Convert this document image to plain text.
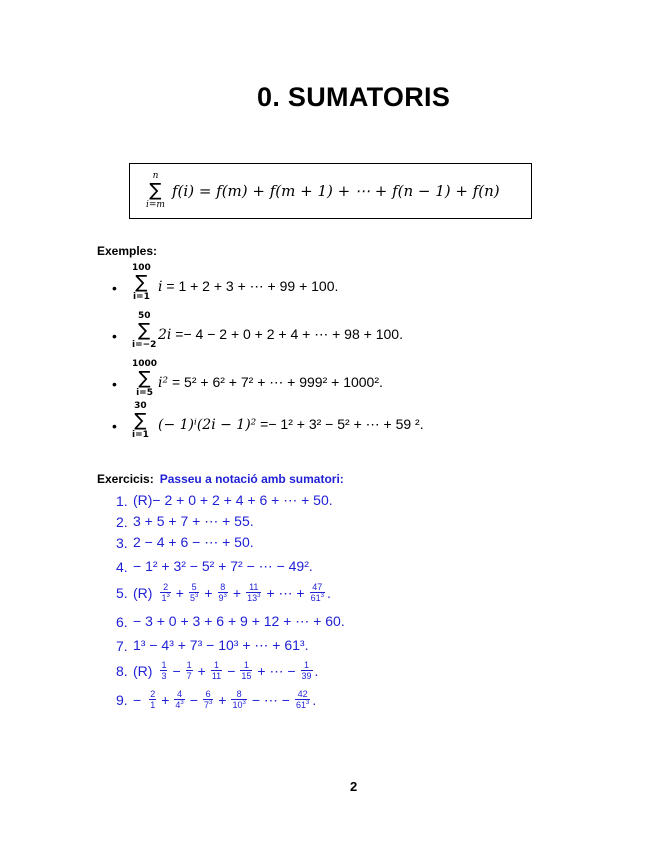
0. SUMATORIS
n
∑
i=m
f(i) = f(m) + f(m + 1) + ⋯ + f(n − 1) + f(n)
Exemples:
•
100
∑
i=1
i = 1 + 2 + 3 + ⋯ + 99 + 100.
•
50
∑
i=−2
2i =− 4 − 2 + 0 + 2 + 4 + ⋯ + 98 + 100.
•
1000
∑
i=5
i² = 5² + 6² + 7² + ⋯ + 999² + 1000².
•
30
∑
i=1
(− 1)ⁱ(2i − 1)² =− 1² + 3² − 5² + ⋯ + 59 ².
Exercicis: Passeu a notació amb sumatori:
1. (R)− 2 + 0 + 2 + 4 + 6 + ⋯ + 50.
2. 3 + 5 + 7 + ⋯ + 55.
3. 2 − 4 + 6 − ⋯ + 50.
4. − 1² + 3² − 5² + 7² − ⋯ − 49².
5. $(R) \frac{2}{1^3} + \frac{5}{5^3} + \frac{8}{9^3} + \frac{11}{13^3}$ + ⋯ + $\frac{47}{61^3}$ .
6. − 3 + 0 + 3 + 6 + 9 + 12 + ⋯ + 60.
7. 1³ − 4³ + 7³ − 10³ + ⋯ + 61³.
8. $(R) \frac{1}{3} - \frac{1}{7} + \frac{1}{11} - \frac{1}{15}$ + ⋯ − $\frac{1}{39}$ .
9. − $\frac{2}{1} + \frac{4}{4^3} - \frac{6}{7^3} + \frac{8}{10^3}$ − ⋯ − $\frac{42}{61^3}$ .
2
